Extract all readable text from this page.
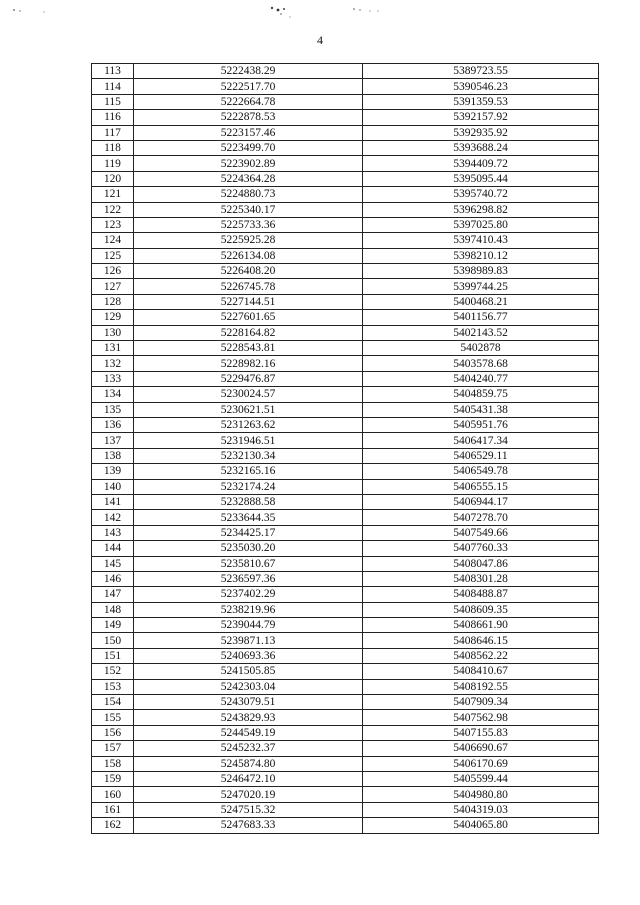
4
113	5222438.29	5389723.55
114	5222517.70	5390546.23
115	5222664.78	5391359.53
116	5222878.53	5392157.92
117	5223157.46	5392935.92
118	5223499.70	5393688.24
119	5223902.89	5394409.72
120	5224364.28	5395095.44
121	5224880.73	5395740.72
122	5225340.17	5396298.82
123	5225733.36	5397025.80
124	5225925.28	5397410.43
125	5226134.08	5398210.12
126	5226408.20	5398989.83
127	5226745.78	5399744.25
128	5227144.51	5400468.21
129	5227601.65	5401156.77
130	5228164.82	5402143.52
131	5228543.81	5402878
132	5228982.16	5403578.68
133	5229476.87	5404240.77
134	5230024.57	5404859.75
135	5230621.51	5405431.38
136	5231263.62	5405951.76
137	5231946.51	5406417.34
138	5232130.34	5406529.11
139	5232165.16	5406549.78
140	5232174.24	5406555.15
141	5232888.58	5406944.17
142	5233644.35	5407278.70
143	5234425.17	5407549.66
144	5235030.20	5407760.33
145	5235810.67	5408047.86
146	5236597.36	5408301.28
147	5237402.29	5408488.87
148	5238219.96	5408609.35
149	5239044.79	5408661.90
150	5239871.13	5408646.15
151	5240693.36	5408562.22
152	5241505.85	5408410.67
153	5242303.04	5408192.55
154	5243079.51	5407909.34
155	5243829.93	5407562.98
156	5244549.19	5407155.83
157	5245232.37	5406690.67
158	5245874.80	5406170.69
159	5246472.10	5405599.44
160	5247020.19	5404980.80
161	5247515.32	5404319.03
162	5247683.33	5404065.80
